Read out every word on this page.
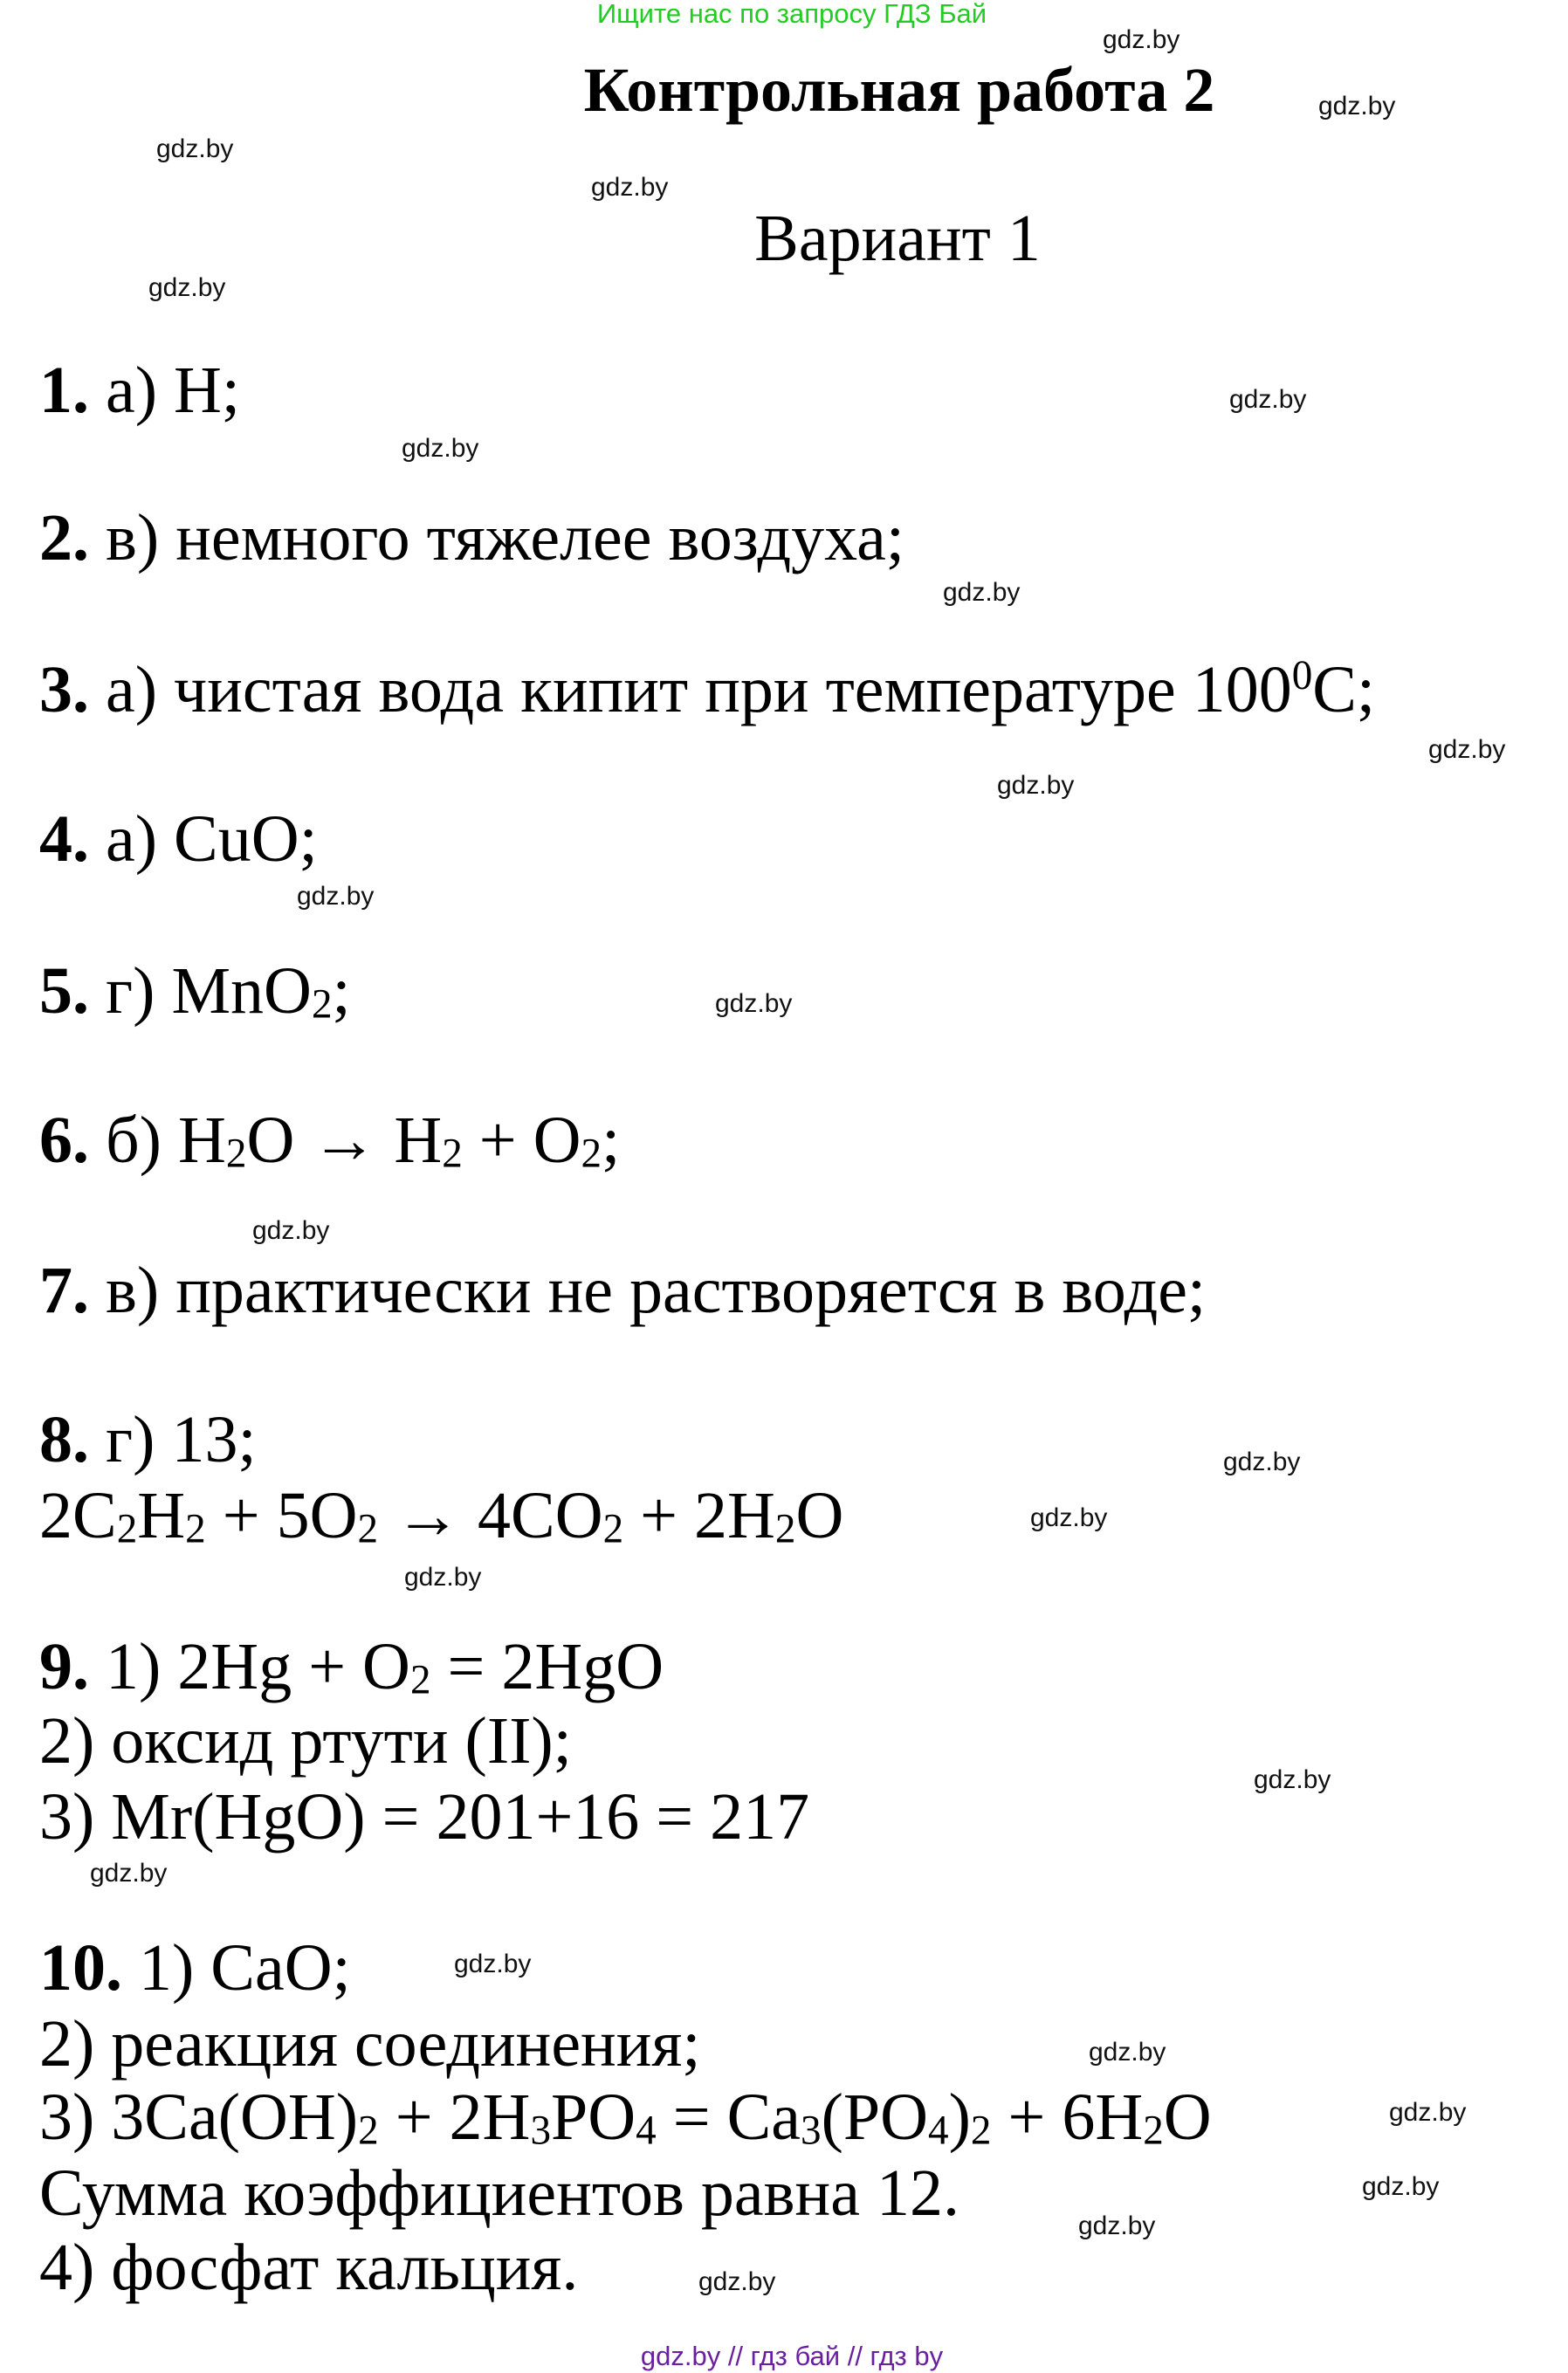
Ищите нас по запросу ГДЗ Бай
Контрольная работа 2
Вариант 1
1. а) H;
2. в) немного тяжелее воздуха;
3. а) чистая вода кипит при температуре $100^0C$;
4. а) CuO;
5. г) MnO$_2$;
6. б) $H_2O \to H_2 + O_2$;
7. в) практически не растворяется в воде;
8. г) 13;
$2C_2H_2 + 5O_2 \to 4CO_2 + 2H_2O$
9. 1) $2Hg + O_2 = 2HgO$
2) оксид ртути (II);
3) Mr(HgO) = 201+16 = 217
10. 1) CaO;
2) реакция соединения;
3) $3Ca(OH)_2 + 2H_3PO_4 = Ca_3(PO_4)_2 + 6H_2O$
Сумма коэффициентов равна 12.
4) фосфат кальция.
gdz.by
gdz.by
gdz.by
gdz.by
gdz.by
gdz.by
gdz.by
gdz.by
gdz.by
gdz.by
gdz.by
gdz.by
gdz.by
gdz.by
gdz.by
gdz.by
gdz.by
gdz.by
gdz.by
gdz.by
gdz.by
gdz.by
gdz.by
gdz.by
gdz.by // гдз бай // гдз by
